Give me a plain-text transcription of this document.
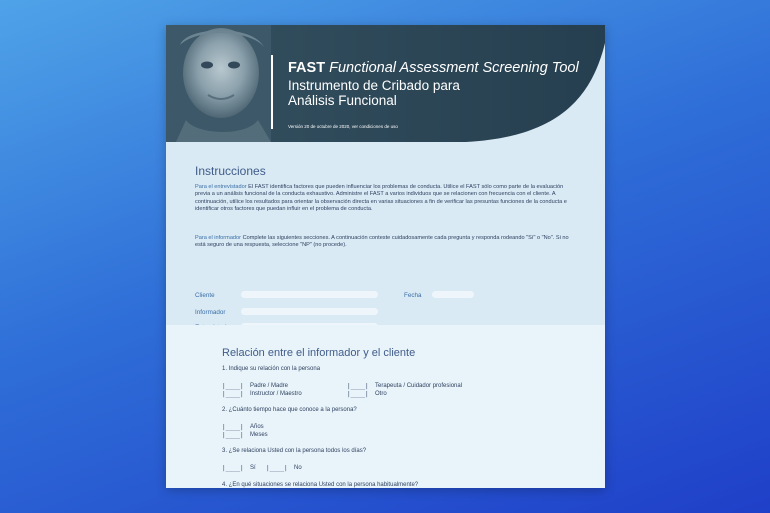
FAST Functional Assessment Screening Tool
Instrumento de Cribado para
Análisis Funcional
Versión 20 de octubre de 2020, ver condiciones de uso
Instrucciones
Para el entrevistador El FAST identifica factores que pueden influenciar los problemas de conducta. Utilice el FAST sólo como parte de la evaluación previa a un análisis funcional de la conducta exhaustivo. Administre el FAST a varios individuos que se relacionen con frecuencia con el cliente. A continuación, utilice los resultados para orientar la observación directa en varias situaciones a fin de verificar las presuntas funciones de la conducta e identificar otros factores que puedan influir en el problema de conducta.
Para el informador Complete las siguientes secciones. A continuación conteste cuidadosamente cada pregunta y responda rodeando "Sí" o "No". Si no está seguro de una respuesta, seleccione "NP" (no procede).
Cliente	Fecha
Informador
Relación entre el informador y el cliente
1. Indique su relación con la persona
|____| Padre / Madre
|____| Instructor / Maestro
|____| Terapeuta / Cuidador profesional
|____| Otro
2. ¿Cuánto tiempo hace que conoce a la persona?
|____| Años
|____| Meses
3. ¿Se relaciona Usted con la persona todos los días?
|____| Sí |____| No
4. ¿En qué situaciones se relaciona Usted con la persona habitualmente?
